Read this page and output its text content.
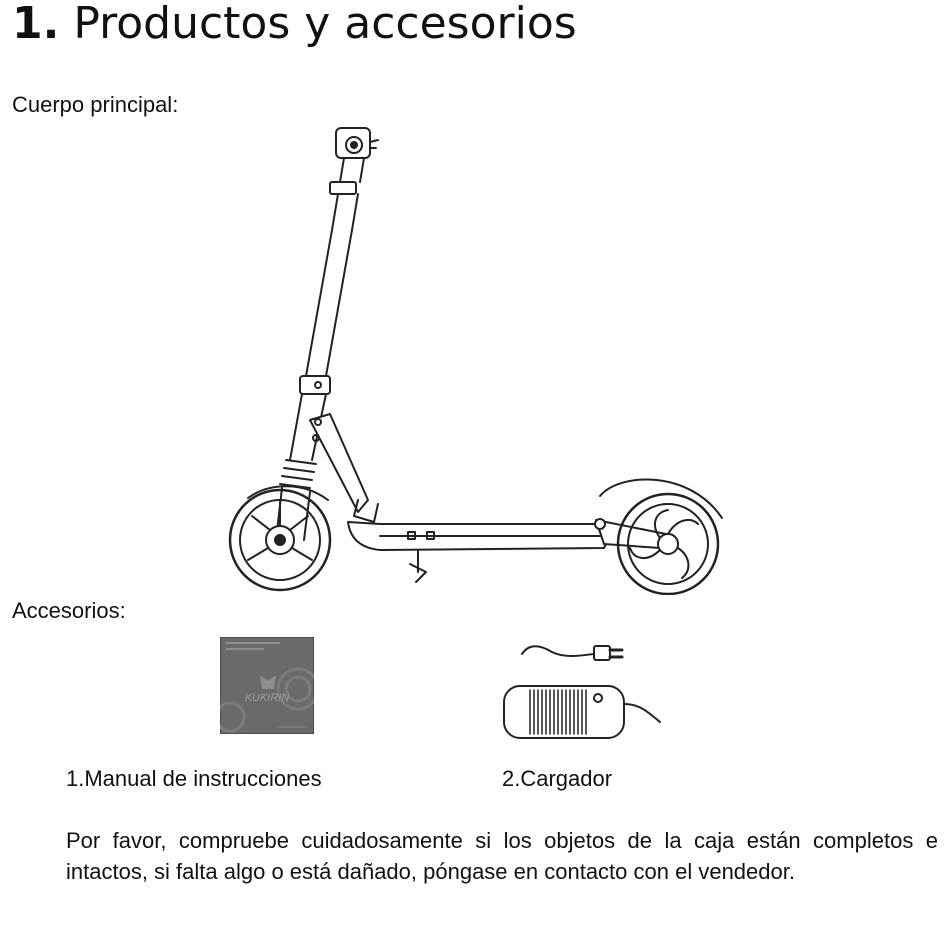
1. Productos y accesorios

Cuerpo principal:

Accesorios:

KUKIRIN

1.Manual de instrucciones	2.Cargador

Por favor, compruebe cuidadosamente si los objetos de la caja están completos e intactos, si falta algo o está dañado, póngase en contacto con el vendedor.
